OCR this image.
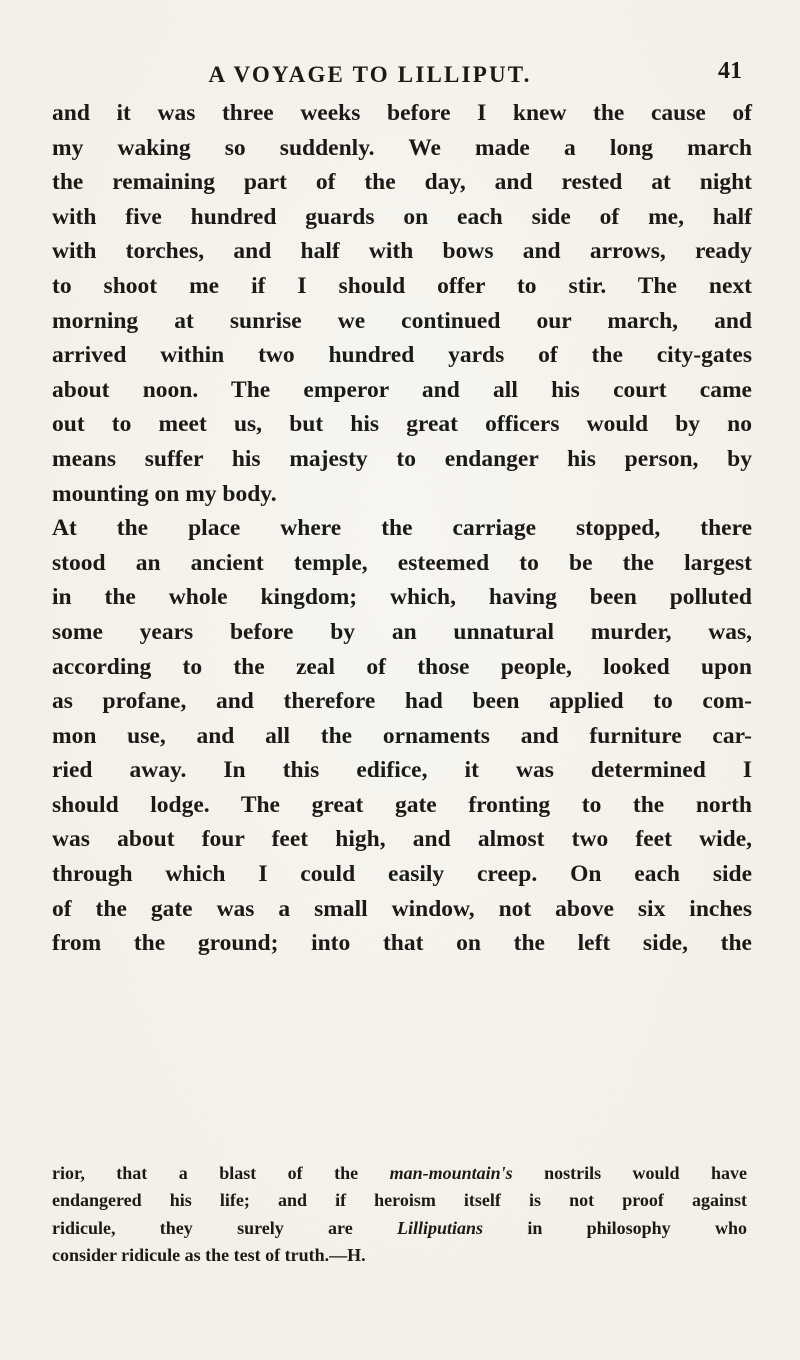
A VOYAGE TO LILLIPUT.	41
and it was three weeks before I knew the cause of
my waking so suddenly. We made a long march
the remaining part of the day, and rested at night
with five hundred guards on each side of me, half
with torches, and half with bows and arrows, ready
to shoot me if I should offer to stir. The next
morning at sunrise we continued our march, and
arrived within two hundred yards of the city-gates
about noon. The emperor and all his court came
out to meet us, but his great officers would by no
means suffer his majesty to endanger his person, by
mounting on my body.
At the place where the carriage stopped, there
stood an ancient temple, esteemed to be the largest
in the whole kingdom; which, having been polluted
some years before by an unnatural murder, was,
according to the zeal of those people, looked upon
as profane, and therefore had been applied to com-
mon use, and all the ornaments and furniture car-
ried away. In this edifice, it was determined I
should lodge. The great gate fronting to the north
was about four feet high, and almost two feet wide,
through which I could easily creep. On each side
of the gate was a small window, not above six inches
from the ground; into that on the left side, the
rior, that a blast of the man-mountain's nostrils would have
endangered his life; and if heroism itself is not proof against
ridicule, they surely are Lilliputians in philosophy who
consider ridicule as the test of truth.—H.
